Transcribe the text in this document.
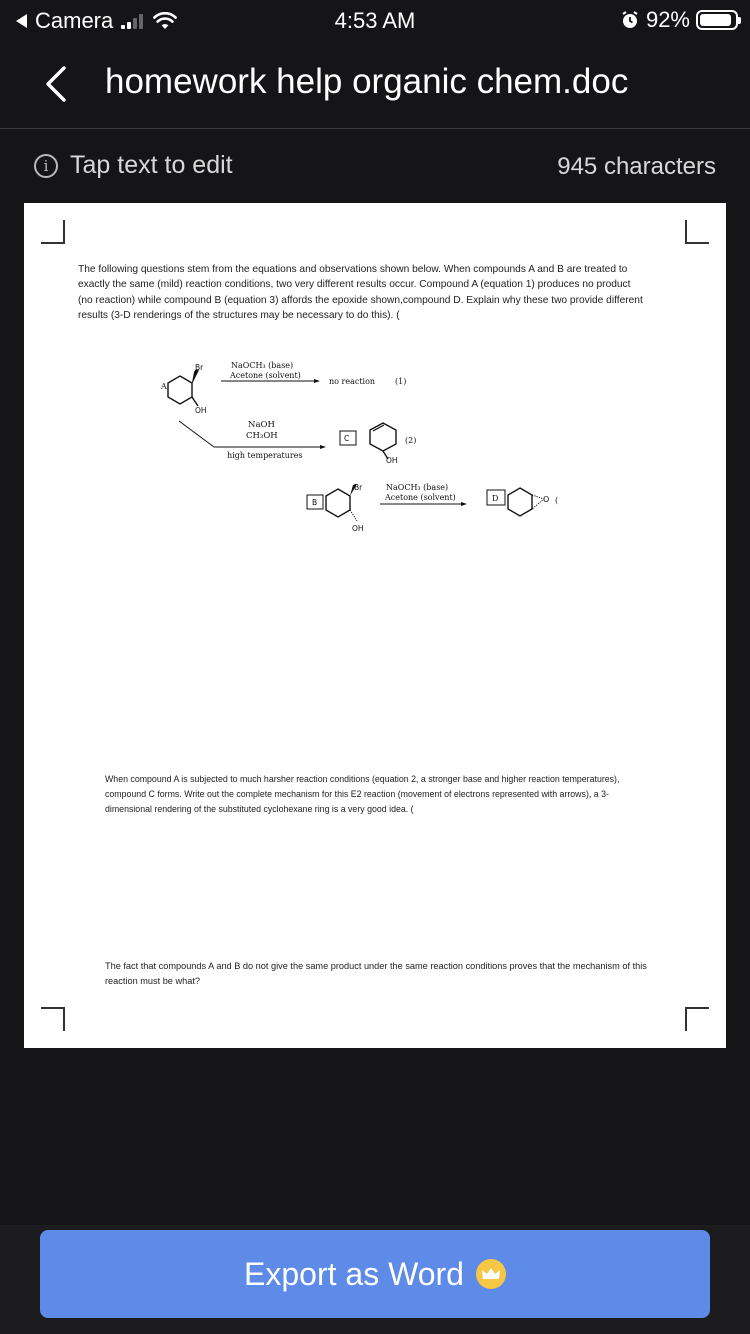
Camera	4:53 AM	92%
homework help organic chem.doc
i Tap text to edit	945 characters
The following questions stem from the equations and observations shown below. When compounds A and B are treated to exactly the same (mild) reaction conditions, two very different results occur. Compound A (equation 1) produces no product (no reaction) while compound B (equation 3) affords the epoxide shown,compound D. Explain why these two provide different results (3-D renderings of the structures may be necessary to do this). (
A
Br
OH
NaOCH₃ (base)
Acetone (solvent)
no reaction (1)
NaOH
CH₃OH
high temperatures
C
OH
(2)
B
Br
OH
NaOCH₃ (base)
Acetone (solvent)	D	O (
When compound A is subjected to much harsher reaction conditions (equation 2, a stronger base and higher reaction temperatures), compound C forms. Write out the complete mechanism for this E2 reaction (movement of electrons represented with arrows), a 3-dimensional rendering of the substituted cyclohexane ring is a very good idea. (
The fact that compounds A and B do not give the same product under the same reaction conditions proves that the mechanism of this reaction must be what?
Export as Word
